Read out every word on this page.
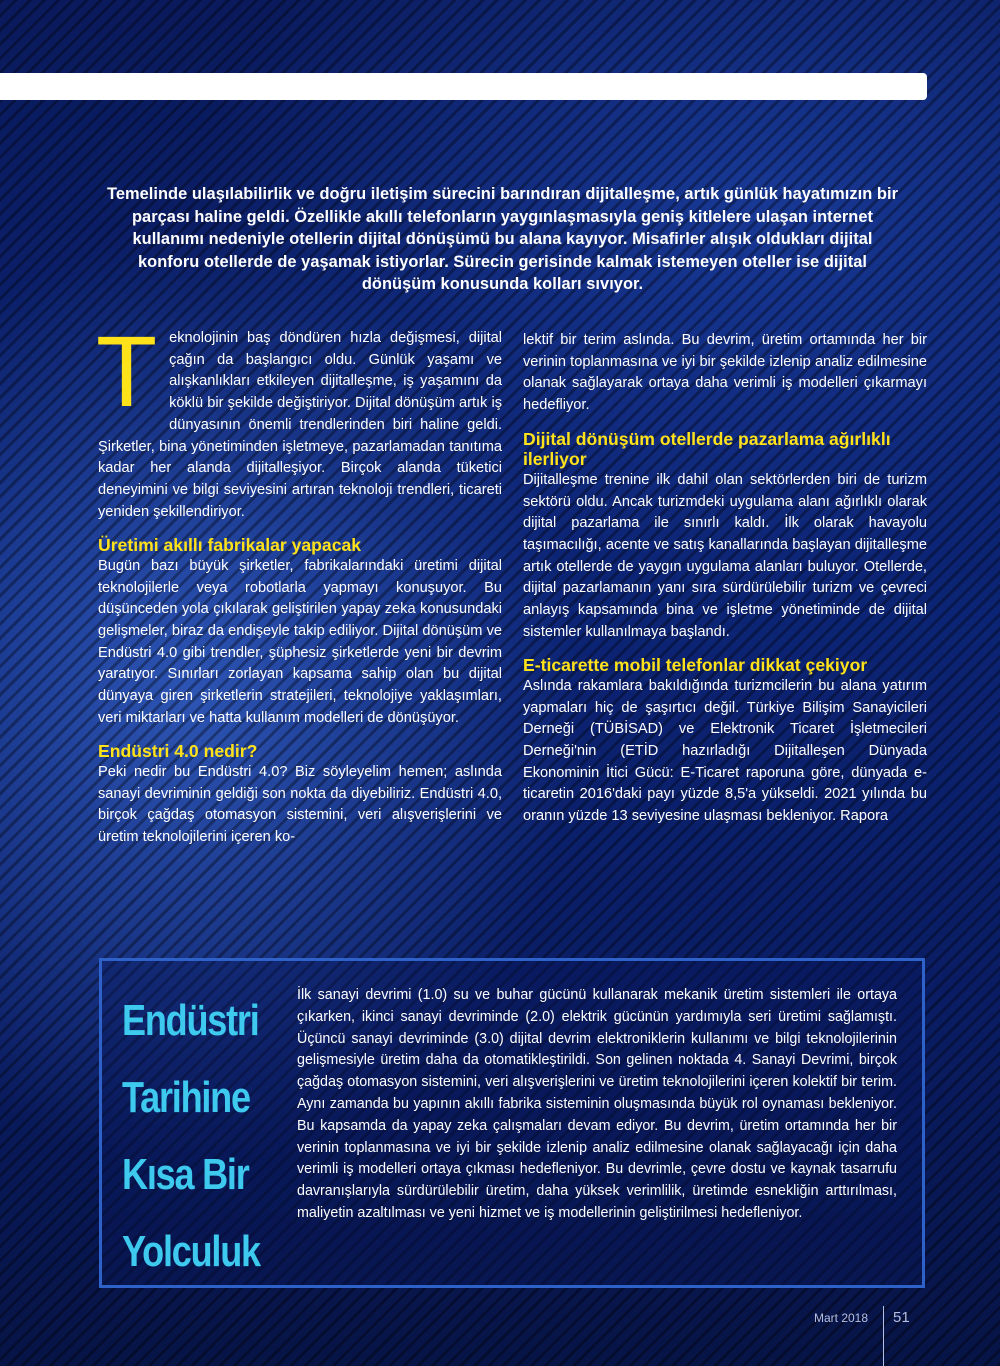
Temelinde ulaşılabilirlik ve doğru iletişim sürecini barındıran dijitalleşme, artık günlük hayatımızın bir parçası haline geldi. Özellikle akıllı telefonların yaygınlaşmasıyla geniş kitlelere ulaşan internet kullanımı nedeniyle otellerin dijital dönüşümü bu alana kayıyor. Misafirler alışık oldukları dijital konforu otellerde de yaşamak istiyorlar. Sürecin gerisinde kalmak istemeyen oteller ise dijital dönüşüm konusunda kolları sıvıyor.

T eknolojinin baş döndüren hızla değişmesi, dijital çağın da başlangıcı oldu. Günlük yaşamı ve alışkanlıkları etkileyen dijitalleşme, iş yaşamını da köklü bir şekilde değiştiriyor. Dijital dönüşüm artık iş dünyasının önemli trendlerinden biri haline geldi. Şirketler, bina yönetiminden işletmeye, pazarlamadan tanıtıma kadar her alanda dijitalleşiyor. Birçok alanda tüketici deneyimini ve bilgi seviyesini artıran teknoloji trendleri, ticareti yeniden şekillendiriyor.

Üretimi akıllı fabrikalar yapacak

Bugün bazı büyük şirketler, fabrikalarındaki üretimi dijital teknolojilerle veya robotlarla yapmayı konuşuyor. Bu düşünceden yola çıkılarak geliştirilen yapay zeka konusundaki gelişmeler, biraz da endişeyle takip ediliyor. Dijital dönüşüm ve Endüstri 4.0 gibi trendler, şüphesiz şirketlerde yeni bir devrim yaratıyor. Sınırları zorlayan kapsama sahip olan bu dijital dünyaya giren şirketlerin stratejileri, teknolojiye yaklaşımları, veri miktarları ve hatta kullanım modelleri de dönüşüyor.

Endüstri 4.0 nedir?

Peki nedir bu Endüstri 4.0? Biz söyleyelim hemen; aslında sanayi devriminin geldiği son nokta da diyebiliriz. Endüstri 4.0, birçok çağdaş otomasyon sistemini, veri alışverişlerini ve üretim teknolojilerini içeren ko-

lektif bir terim aslında. Bu devrim, üretim ortamında her bir verinin toplanmasına ve iyi bir şekilde izlenip analiz edilmesine olanak sağlayarak ortaya daha verimli iş modelleri çıkarmayı hedefliyor.

Dijital dönüşüm otellerde pazarlama ağırlıklı ilerliyor

Dijitalleşme trenine ilk dahil olan sektörlerden biri de turizm sektörü oldu. Ancak turizmdeki uygulama alanı ağırlıklı olarak dijital pazarlama ile sınırlı kaldı. İlk olarak havayolu taşımacılığı, acente ve satış kanallarında başlayan dijitalleşme artık otellerde de yaygın uygulama alanları buluyor. Otellerde, dijital pazarlamanın yanı sıra sürdürülebilir turizm ve çevreci anlayış kapsamında bina ve işletme yönetiminde de dijital sistemler kullanılmaya başlandı.

E-ticarette mobil telefonlar dikkat çekiyor

Aslında rakamlara bakıldığında turizmcilerin bu alana yatırım yapmaları hiç de şaşırtıcı değil. Türkiye Bilişim Sanayicileri Derneği (TÜBİSAD) ve Elektronik Ticaret İşletmecileri Derneği'nin (ETİD hazırladığı Dijitalleşen Dünyada Ekonominin İtici Gücü: E-Ticaret raporuna göre, dünyada e-ticaretin 2016'daki payı yüzde 8,5'a yükseldi. 2021 yılında bu oranın yüzde 13 seviyesine ulaşması bekleniyor. Rapora

Endüstri
Tarihine
Kısa Bir
Yolculuk

İlk sanayi devrimi (1.0) su ve buhar gücünü kullanarak mekanik üretim sistemleri ile ortaya çıkarken, ikinci sanayi devriminde (2.0) elektrik gücünün yardımıyla seri üretimi sağlamıştı. Üçüncü sanayi devriminde (3.0) dijital devrim elektroniklerin kullanımı ve bilgi teknolojilerinin gelişmesiyle üretim daha da otomatikleştirildi. Son gelinen noktada 4. Sanayi Devrimi, birçok çağdaş otomasyon sistemini, veri alışverişlerini ve üretim teknolojilerini içeren kolektif bir terim. Aynı zamanda bu yapının akıllı fabrika sisteminin oluşmasında büyük rol oynaması bekleniyor. Bu kapsamda da yapay zeka çalışmaları devam ediyor. Bu devrim, üretim ortamında her bir verinin toplanmasına ve iyi bir şekilde izlenip analiz edilmesine olanak sağlayacağı için daha verimli iş modelleri ortaya çıkması hedefleniyor. Bu devrimle, çevre dostu ve kaynak tasarrufu davranışlarıyla sürdürülebilir üretim, daha yüksek verimlilik, üretimde esnekliğin arttırılması, maliyetin azaltılması ve yeni hizmet ve iş modellerinin geliştirilmesi hedefleniyor.

Mart 2018 51
